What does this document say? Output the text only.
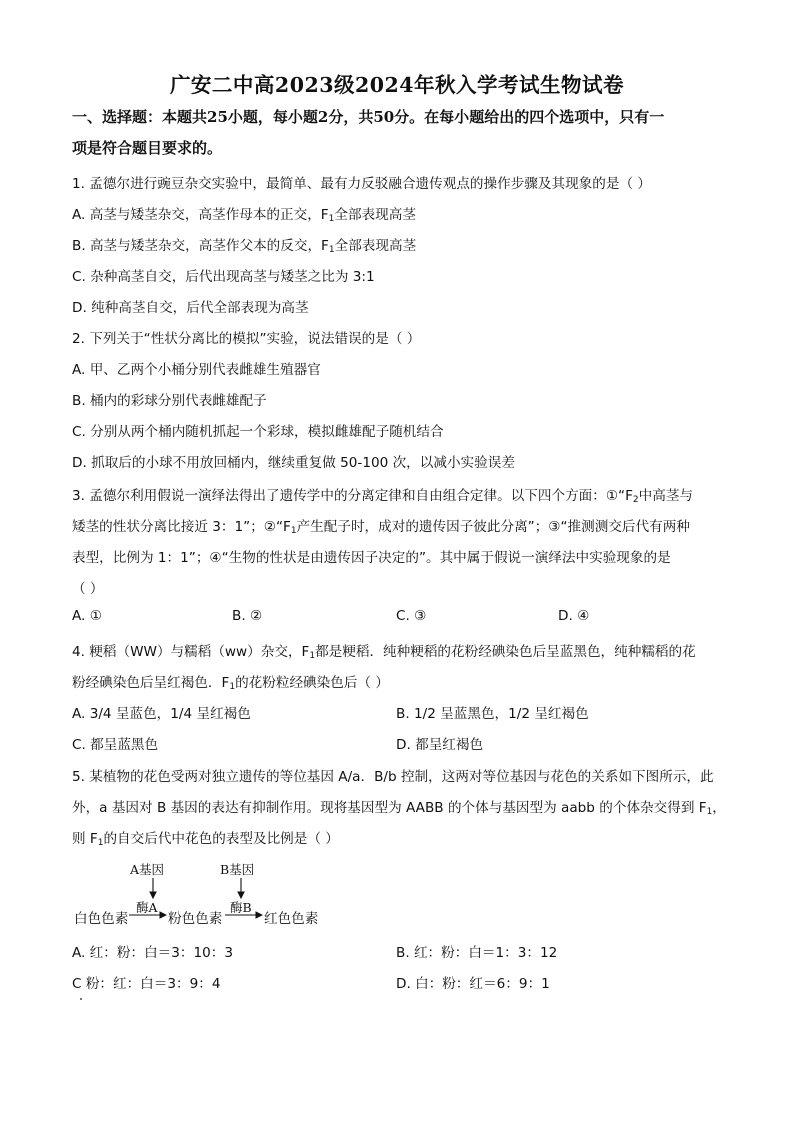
广安二中高2023级2024年秋入学考试生物试卷
一、选择题：本题共25小题，每小题2分，共50分。在每小题给出的四个选项中，只有一
项是符合题目要求的。
1. 孟德尔进行豌豆杂交实验中，最简单、最有力反驳融合遗传观点的操作步骤及其现象的是（ ）
A. 高茎与矮茎杂交，高茎作母本的正交，$F_1$全部表现高茎
B. 高茎与矮茎杂交，高茎作父本的反交，$F_1$全部表现高茎
C. 杂种高茎自交，后代出现高茎与矮茎之比为 3:1
D. 纯种高茎自交，后代全部表现为高茎
2. 下列关于“性状分离比的模拟”实验，说法错误的是（ ）
A. 甲、乙两个小桶分别代表雌雄生殖器官
B. 桶内的彩球分别代表雌雄配子
C. 分别从两个桶内随机抓起一个彩球，模拟雌雄配子随机结合
D. 抓取后的小球不用放回桶内，继续重复做 50-100 次，以减小实验误差
3. 孟德尔利用假说一演绎法得出了遗传学中的分离定律和自由组合定律。以下四个方面：$①“F_2$中高茎与
矮茎的性状分离比接近 3：1”；$②“F_1$产生配子时，成对的遗传因子彼此分离”；③“推测测交后代有两种
表型，比例为 1：1”；④“生物的性状是由遗传因子决定的”。其中属于假说一演绎法中实验现象的是
（ ）
A. ①	B. ②	C. ③	D. ④
4. 粳稻（WW）与糯稻（ww）杂交，$F_1$都是粳稻．纯种粳稻的花粉经碘染色后呈蓝黑色，纯种糯稻的花
粉经碘染色后呈红褐色．$F_1$的花粉粒经碘染色后（ ）
A. 3/4 呈蓝色，1/4 呈红褐色	B. 1/2 呈蓝黑色，1/2 呈红褐色
C. 都呈蓝黑色	D. 都呈红褐色
5. 某植物的花色受两对独立遗传的等位基因 A/a．B/b 控制，这两对等位基因与花色的关系如下图所示，此
外，a 基因对 B 基因的表达有抑制作用。现将基因型为 AABB 的个体与基因型为 aabb 的个体杂交得到 $F_1$，
则 $F_1$的自交后代中花色的表型及比例是（ ）
A基因	B基因
酶A	酶B
白色色素	粉色色素	红色色素
A. 红：粉：白＝3：10：3	B. 红：粉：白＝1：3：12
C 粉：红：白＝3：9：4	D. 白：粉：红＝6：9：1
